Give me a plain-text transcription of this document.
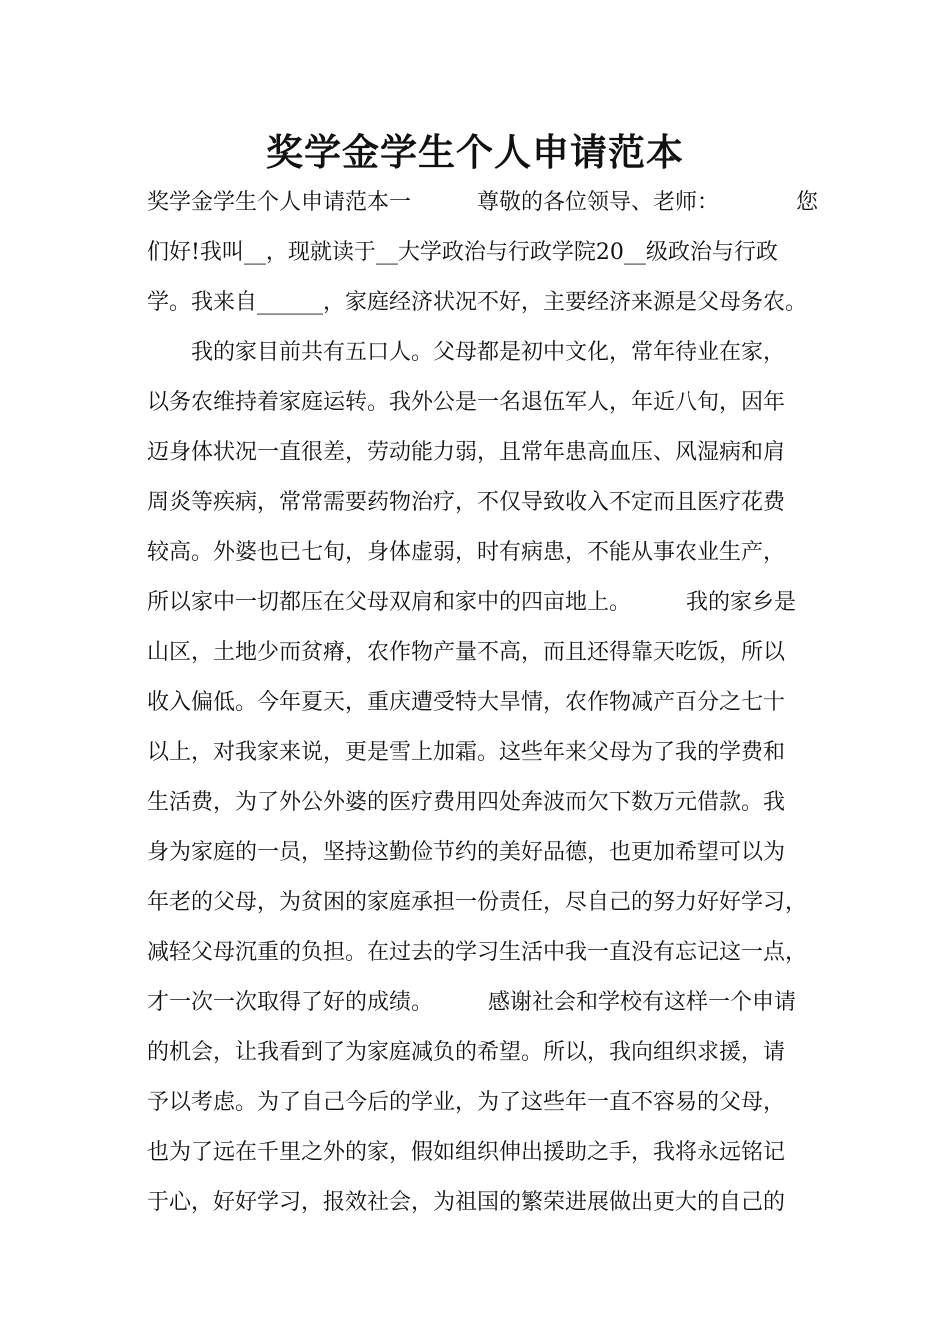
奖学金学生个人申请范本
奖学金学生个人申请范本一　　　尊敬的各位领导、老师：　　　　您
们好!我叫__，现就读于__大学政治与行政学院20__级政治与行政
学。我来自______，家庭经济状况不好，主要经济来源是父母务农。
　　我的家目前共有五口人。父母都是初中文化，常年待业在家，
以务农维持着家庭运转。我外公是一名退伍军人，年近八旬，因年
迈身体状况一直很差，劳动能力弱，且常年患高血压、风湿病和肩
周炎等疾病，常常需要药物治疗，不仅导致收入不定而且医疗花费
较高。外婆也已七旬，身体虚弱，时有病患，不能从事农业生产，
所以家中一切都压在父母双肩和家中的四亩地上。　　　我的家乡是
山区，土地少而贫瘠，农作物产量不高，而且还得靠天吃饭，所以
收入偏低。今年夏天，重庆遭受特大旱情，农作物减产百分之七十
以上，对我家来说，更是雪上加霜。这些年来父母为了我的学费和
生活费，为了外公外婆的医疗费用四处奔波而欠下数万元借款。我
身为家庭的一员，坚持这勤俭节约的美好品德，也更加希望可以为
年老的父母，为贫困的家庭承担一份责任，尽自己的努力好好学习，
减轻父母沉重的负担。在过去的学习生活中我一直没有忘记这一点，
才一次一次取得了好的成绩。　　　感谢社会和学校有这样一个申请
的机会，让我看到了为家庭减负的希望。所以，我向组织求援，请
予以考虑。为了自己今后的学业，为了这些年一直不容易的父母，
也为了远在千里之外的家，假如组织伸出援助之手，我将永远铭记
于心，好好学习，报效社会，为祖国的繁荣进展做出更大的自己的
